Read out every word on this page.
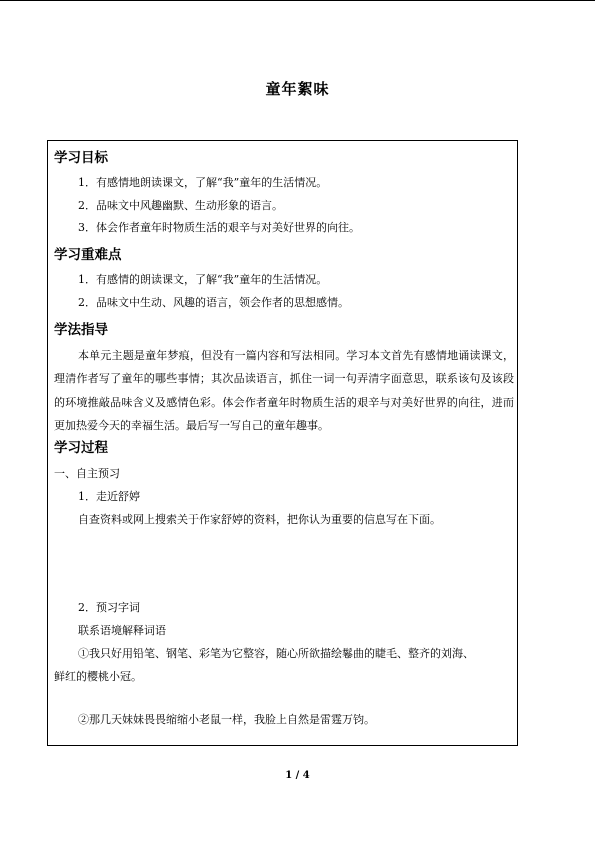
童年絮味
学习目标
1．有感情地朗读课文，了解“我”童年的生活情况。
2．品味文中风趣幽默、生动形象的语言。
3．体会作者童年时物质生活的艰辛与对美好世界的向往。
学习重难点
1．有感情的朗读课文，了解“我”童年的生活情况。
2．品味文中生动、风趣的语言，领会作者的思想感情。
学法指导
本单元主题是童年梦痕，但没有一篇内容和写法相同。学习本文首先有感情地诵读课文，理清作者写了童年的哪些事情；其次品读语言，抓住一词一句弄清字面意思，联系该句及该段的环境推敲品味含义及感情色彩。体会作者童年时物质生活的艰辛与对美好世界的向往，进而更加热爱今天的幸福生活。最后写一写自己的童年趣事。
学习过程
一、自主预习
1．走近舒婷
自查资料或网上搜索关于作家舒婷的资料，把你认为重要的信息写在下面。
2．预习字词
联系语境解释词语
①我只好用铅笔、钢笔、彩笔为它整容，随心所欲描绘鬈曲的睫毛、整齐的刘海、
鲜红的樱桃小冠。
②那几天妹妹畏畏缩缩小老鼠一样，我脸上自然是雷霆万钧。
1 / 4
